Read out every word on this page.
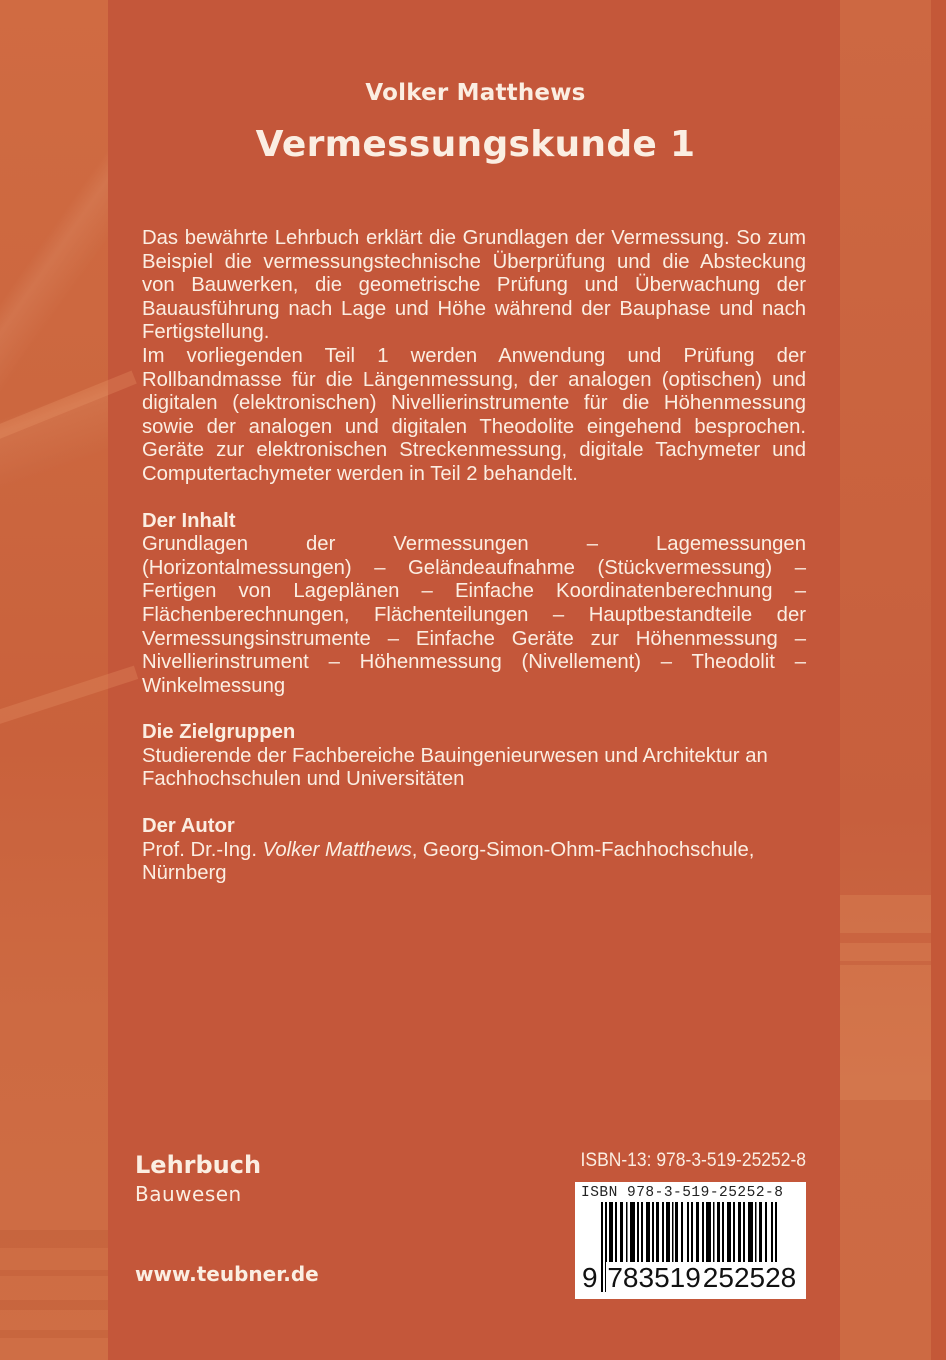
Volker Matthews
Vermessungskunde 1

Das bewährte Lehrbuch erklärt die Grundlagen der Vermessung. So zum Beispiel die vermessungstechnische Überprüfung und die Absteckung von Bauwerken, die geometrische Prüfung und Überwachung der Bauausführung nach Lage und Höhe während der Bauphase und nach Fertigstellung.

Im vorliegenden Teil 1 werden Anwendung und Prüfung der Rollbandmasse für die Längenmessung, der analogen (optischen) und digitalen (elektronischen) Nivellierinstrumente für die Höhenmessung sowie der analogen und digitalen Theodolite eingehend besprochen. Geräte zur elektronischen Streckenmessung, digitale Tachymeter und Computertachymeter werden in Teil 2 behandelt.

Der Inhalt

Grundlagen der Vermessungen – Lagemessungen (Horizontalmessungen) – Geländeaufnahme (Stückvermessung) – Fertigen von Lageplänen – Einfache Koordinatenberechnung – Flächenberechnungen, Flächenteilungen – Hauptbestandteile der Vermessungsinstrumente – Einfache Geräte zur Höhenmessung – Nivellierinstrument – Höhenmessung (Nivellement) – Theodolit – Winkelmessung

Die Zielgruppen

Studierende der Fachbereiche Bauingenieurwesen und Architektur an Fachhochschulen und Universitäten

Der Autor

Prof. Dr.-Ing. Volker Matthews, Georg-Simon-Ohm-Fachhochschule, Nürnberg

Lehrbuch
Bauwesen
www.teubner.de
ISBN-13: 978-3-519-25252-8
ISBN 978-3-519-25252-8
9 783519252528
